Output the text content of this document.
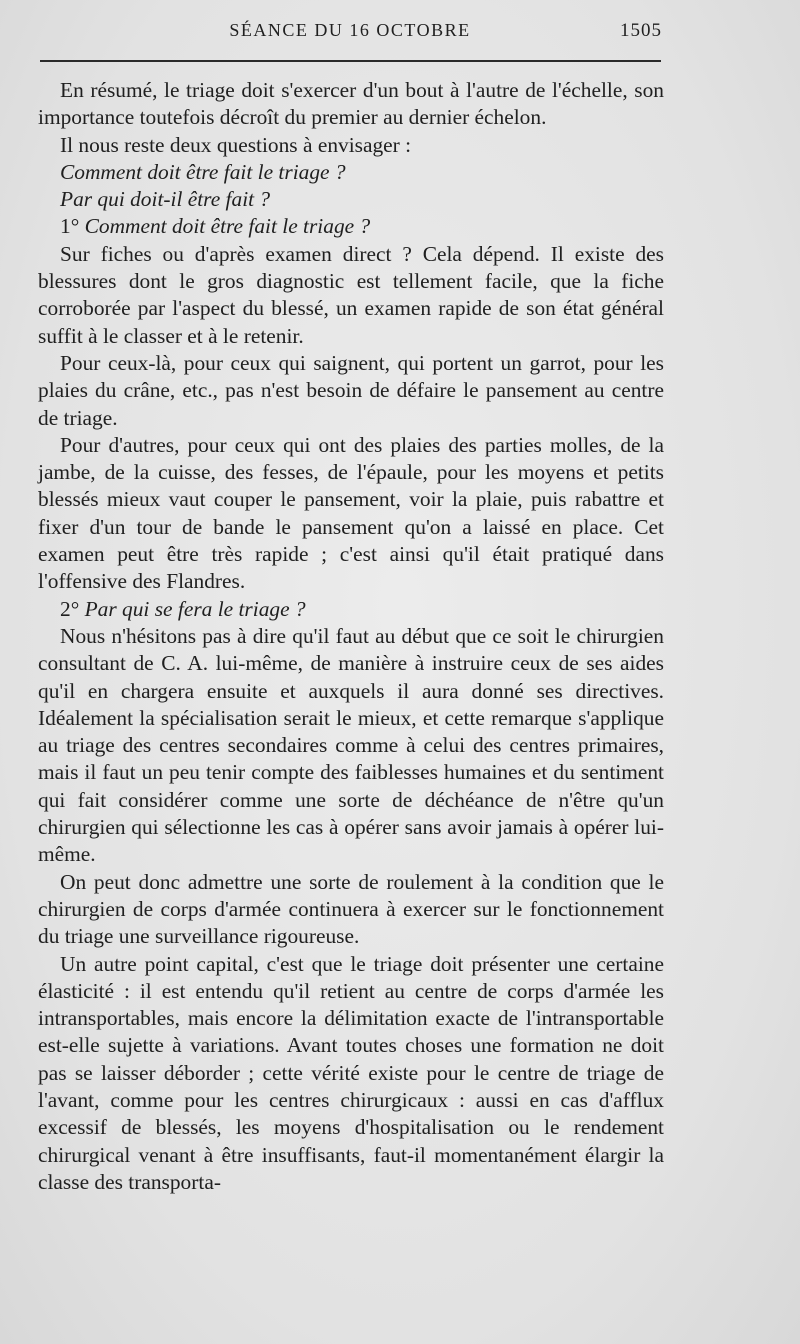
SÉANCE DU 16 OCTOBRE	1505

En résumé, le triage doit s'exercer d'un bout à l'autre de l'échelle, son importance toutefois décroît du premier au dernier échelon.

Il nous reste deux questions à envisager :

Comment doit être fait le triage ?

Par qui doit-il être fait ?

1° Comment doit être fait le triage ?

Sur fiches ou d'après examen direct ? Cela dépend. Il existe des blessures dont le gros diagnostic est tellement facile, que la fiche corroborée par l'aspect du blessé, un examen rapide de son état général suffit à le classer et à le retenir.

Pour ceux-là, pour ceux qui saignent, qui portent un garrot, pour les plaies du crâne, etc., pas n'est besoin de défaire le pansement au centre de triage.

Pour d'autres, pour ceux qui ont des plaies des parties molles, de la jambe, de la cuisse, des fesses, de l'épaule, pour les moyens et petits blessés mieux vaut couper le pansement, voir la plaie, puis rabattre et fixer d'un tour de bande le pansement qu'on a laissé en place. Cet examen peut être très rapide ; c'est ainsi qu'il était pratiqué dans l'offensive des Flandres.

2° Par qui se fera le triage ?

Nous n'hésitons pas à dire qu'il faut au début que ce soit le chirurgien consultant de C. A. lui-même, de manière à instruire ceux de ses aides qu'il en chargera ensuite et auxquels il aura donné ses directives. Idéalement la spécialisation serait le mieux, et cette remarque s'applique au triage des centres secondaires comme à celui des centres primaires, mais il faut un peu tenir compte des faiblesses humaines et du sentiment qui fait considérer comme une sorte de déchéance de n'être qu'un chirurgien qui sélectionne les cas à opérer sans avoir jamais à opérer lui-même.

On peut donc admettre une sorte de roulement à la condition que le chirurgien de corps d'armée continuera à exercer sur le fonctionnement du triage une surveillance rigoureuse.

Un autre point capital, c'est que le triage doit présenter une certaine élasticité : il est entendu qu'il retient au centre de corps d'armée les intransportables, mais encore la délimitation exacte de l'intransportable est-elle sujette à variations. Avant toutes choses une formation ne doit pas se laisser déborder ; cette vérité existe pour le centre de triage de l'avant, comme pour les centres chirurgicaux : aussi en cas d'afflux excessif de blessés, les moyens d'hospitalisation ou le rendement chirurgical venant à être insuffisants, faut-il momentanément élargir la classe des transporta-
